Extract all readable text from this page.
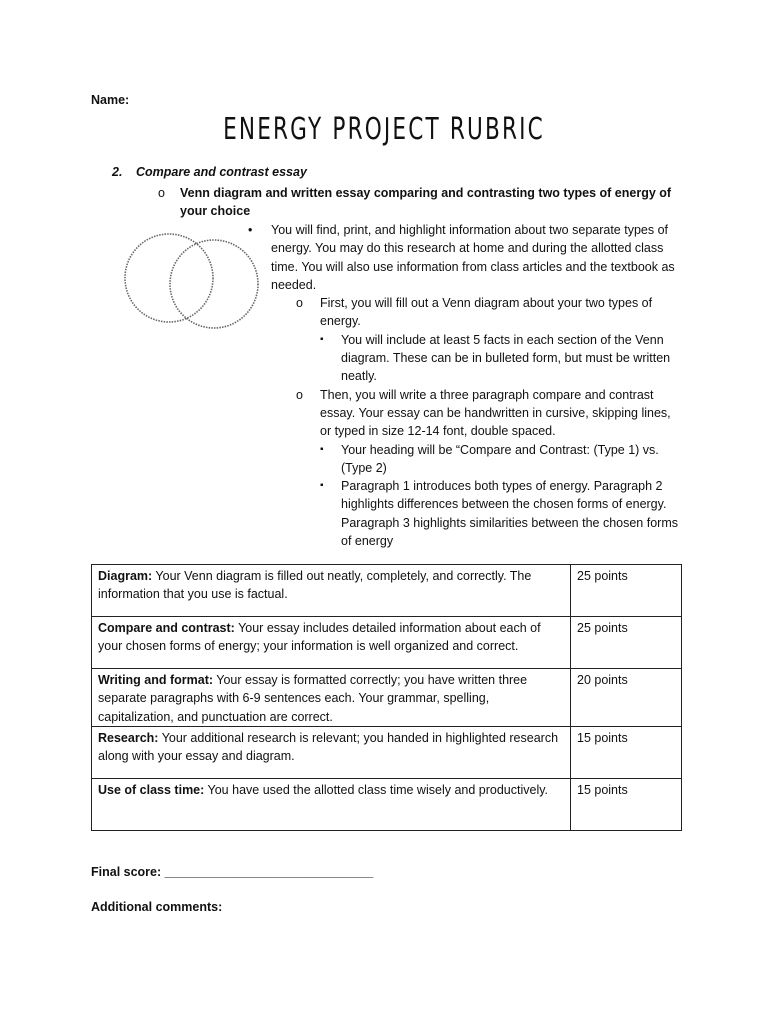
Name:
ENERGY PROJECT RUBRIC
2. Compare and contrast essay
o Venn diagram and written essay comparing and contrasting two types of energy of your choice
• You will find, print, and highlight information about two separate types of energy. You may do this research at home and during the allotted class time. You will also use information from class articles and the textbook as needed.
o First, you will fill out a Venn diagram about your two types of energy.
▪ You will include at least 5 facts in each section of the Venn diagram. These can be in bulleted form, but must be written neatly.
o Then, you will write a three paragraph compare and contrast essay. Your essay can be handwritten in cursive, skipping lines, or typed in size 12-14 font, double spaced.
▪ Your heading will be “Compare and Contrast: (Type 1) vs. (Type 2)
▪ Paragraph 1 introduces both types of energy. Paragraph 2 highlights differences between the chosen forms of energy. Paragraph 3 highlights similarities between the chosen forms of energy
Diagram: Your Venn diagram is filled out neatly, completely, and correctly. The information that you use is factual.	25 points
Compare and contrast: Your essay includes detailed information about each of your chosen forms of energy; your information is well organized and correct.	25 points
Writing and format: Your essay is formatted correctly; you have written three separate paragraphs with 6-9 sentences each. Your grammar, spelling, capitalization, and punctuation are correct.	20 points
Research: Your additional research is relevant; you handed in highlighted research along with your essay and diagram.	15 points
Use of class time: You have used the allotted class time wisely and productively.	15 points
Final score: ______________________________
Additional comments:
